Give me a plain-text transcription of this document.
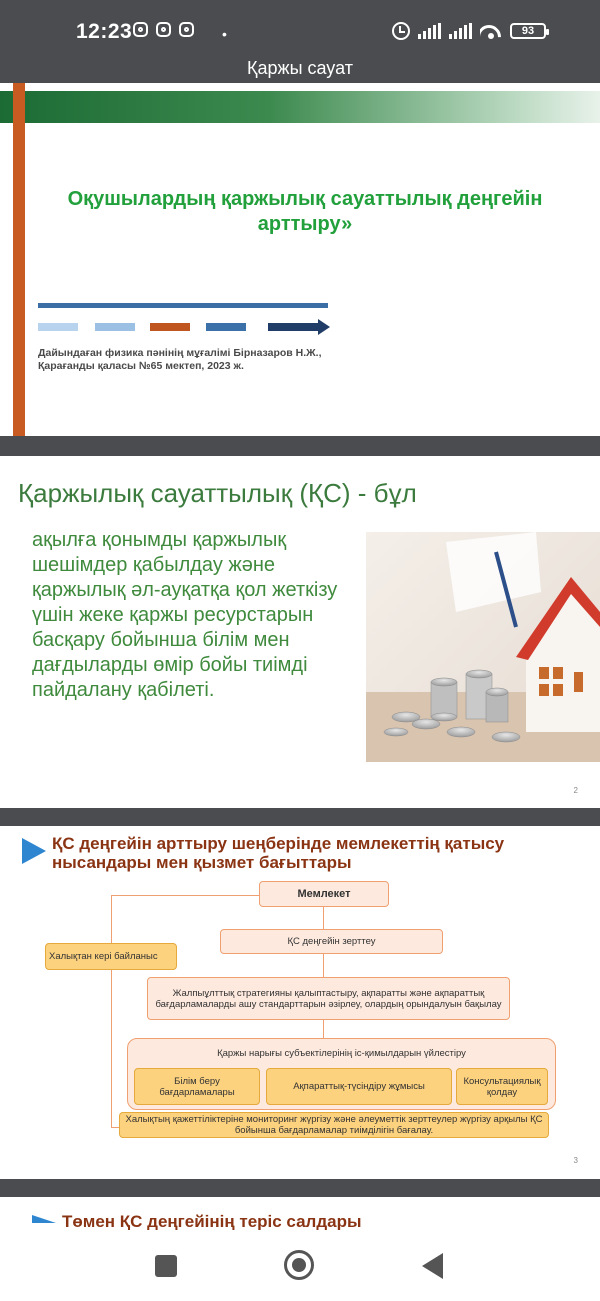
12:23	•	93
Қаржы сауат
Оқушылардың қаржылық сауаттылық деңгейін арттыру»
Дайындаған физика пәнінің мұғалімі Бірназаров Н.Ж., Қарағанды қаласы №65 мектеп, 2023 ж.
Қаржылық сауаттылық (ҚС) - бұл
ақылға қонымды қаржылық шешімдер қабылдау және қаржылық әл-ауқатқа қол жеткізу үшін жеке қаржы ресурстарын басқару бойынша білім мен дағдыларды өмір бойы тиімді пайдалану қабілеті.
2
ҚС деңгейін арттыру шеңберінде мемлекеттің қатысу нысандары мен қызмет бағыттары
Мемлекет
Халықтан кері байланыс
ҚС деңгейін зерттеу
Жалпыұлттық стратегияны қалыптастыру, ақпаратты және ақпараттық бағдарламаларды ашу стандарттарын әзірлеу, олардың орындалуын бақылау
Қаржы нарығы субъектілерінің іс-қимылдарын үйлестіру
Білім беру бағдарламалары	Ақпараттық-түсіндіру жұмысы	Консультациялық қолдау
Халықтың қажеттіліктеріне мониторинг жүргізу және әлеуметтік зерттеулер жүргізу арқылы ҚС бойынша бағдарламалар тиімділігін бағалау.
3
Төмен ҚС деңгейінің теріс салдары
